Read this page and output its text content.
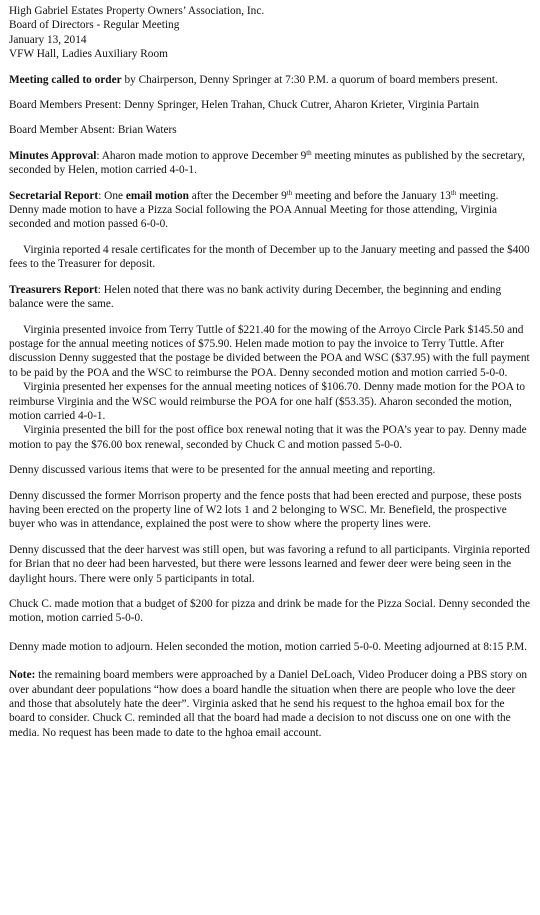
High Gabriel Estates Property Owners’ Association, Inc.

Board of Directors - Regular Meeting

January 13, 2014

VFW Hall, Ladies Auxiliary Room

Meeting called to order by Chairperson, Denny Springer at 7:30 P.M. a quorum of board members present.

Board Members Present: Denny Springer, Helen Trahan, Chuck Cutrer, Aharon Krieter, Virginia Partain

Board Member Absent: Brian Waters

Minutes Approval: Aharon made motion to approve December 9th meeting minutes as published by the secretary, seconded by Helen, motion carried 4-0-1.

Secretarial Report: One email motion after the December 9th meeting and before the January 13th meeting. Denny made motion to have a Pizza Social following the POA Annual Meeting for those attending, Virginia seconded and motion passed 6-0-0.

Virginia reported 4 resale certificates for the month of December up to the January meeting and passed the $400 fees to the Treasurer for deposit.

Treasurers Report: Helen noted that there was no bank activity during December, the beginning and ending balance were the same.

Virginia presented invoice from Terry Tuttle of $221.40 for the mowing of the Arroyo Circle Park $145.50 and postage for the annual meeting notices of $75.90. Helen made motion to pay the invoice to Terry Tuttle. After discussion Denny suggested that the postage be divided between the POA and WSC ($37.95) with the full payment to be paid by the POA and the WSC to reimburse the POA. Denny seconded motion and motion carried 5-0-0.

Virginia presented her expenses for the annual meeting notices of $106.70. Denny made motion for the POA to reimburse Virginia and the WSC would reimburse the POA for one half ($53.35). Aharon seconded the motion, motion carried 4-0-1.

Virginia presented the bill for the post office box renewal noting that it was the POA’s year to pay. Denny made motion to pay the $76.00 box renewal, seconded by Chuck C and motion passed 5-0-0.

Denny discussed various items that were to be presented for the annual meeting and reporting.

Denny discussed the former Morrison property and the fence posts that had been erected and purpose, these posts having been erected on the property line of W2 lots 1 and 2 belonging to WSC. Mr. Benefield, the prospective buyer who was in attendance, explained the post were to show where the property lines were.

Denny discussed that the deer harvest was still open, but was favoring a refund to all participants. Virginia reported for Brian that no deer had been harvested, but there were lessons learned and fewer deer were being seen in the daylight hours. There were only 5 participants in total.

Chuck C. made motion that a budget of $200 for pizza and drink be made for the Pizza Social. Denny seconded the motion, motion carried 5-0-0.

Denny made motion to adjourn. Helen seconded the motion, motion carried 5-0-0. Meeting adjourned at 8:15 P.M.

Note: the remaining board members were approached by a Daniel DeLoach, Video Producer doing a PBS story on over abundant deer populations “how does a board handle the situation when there are people who love the deer and those that absolutely hate the deer”. Virginia asked that he send his request to the hghoa email box for the board to consider. Chuck C. reminded all that the board had made a decision to not discuss one on one with the media. No request has been made to date to the hghoa email account.
